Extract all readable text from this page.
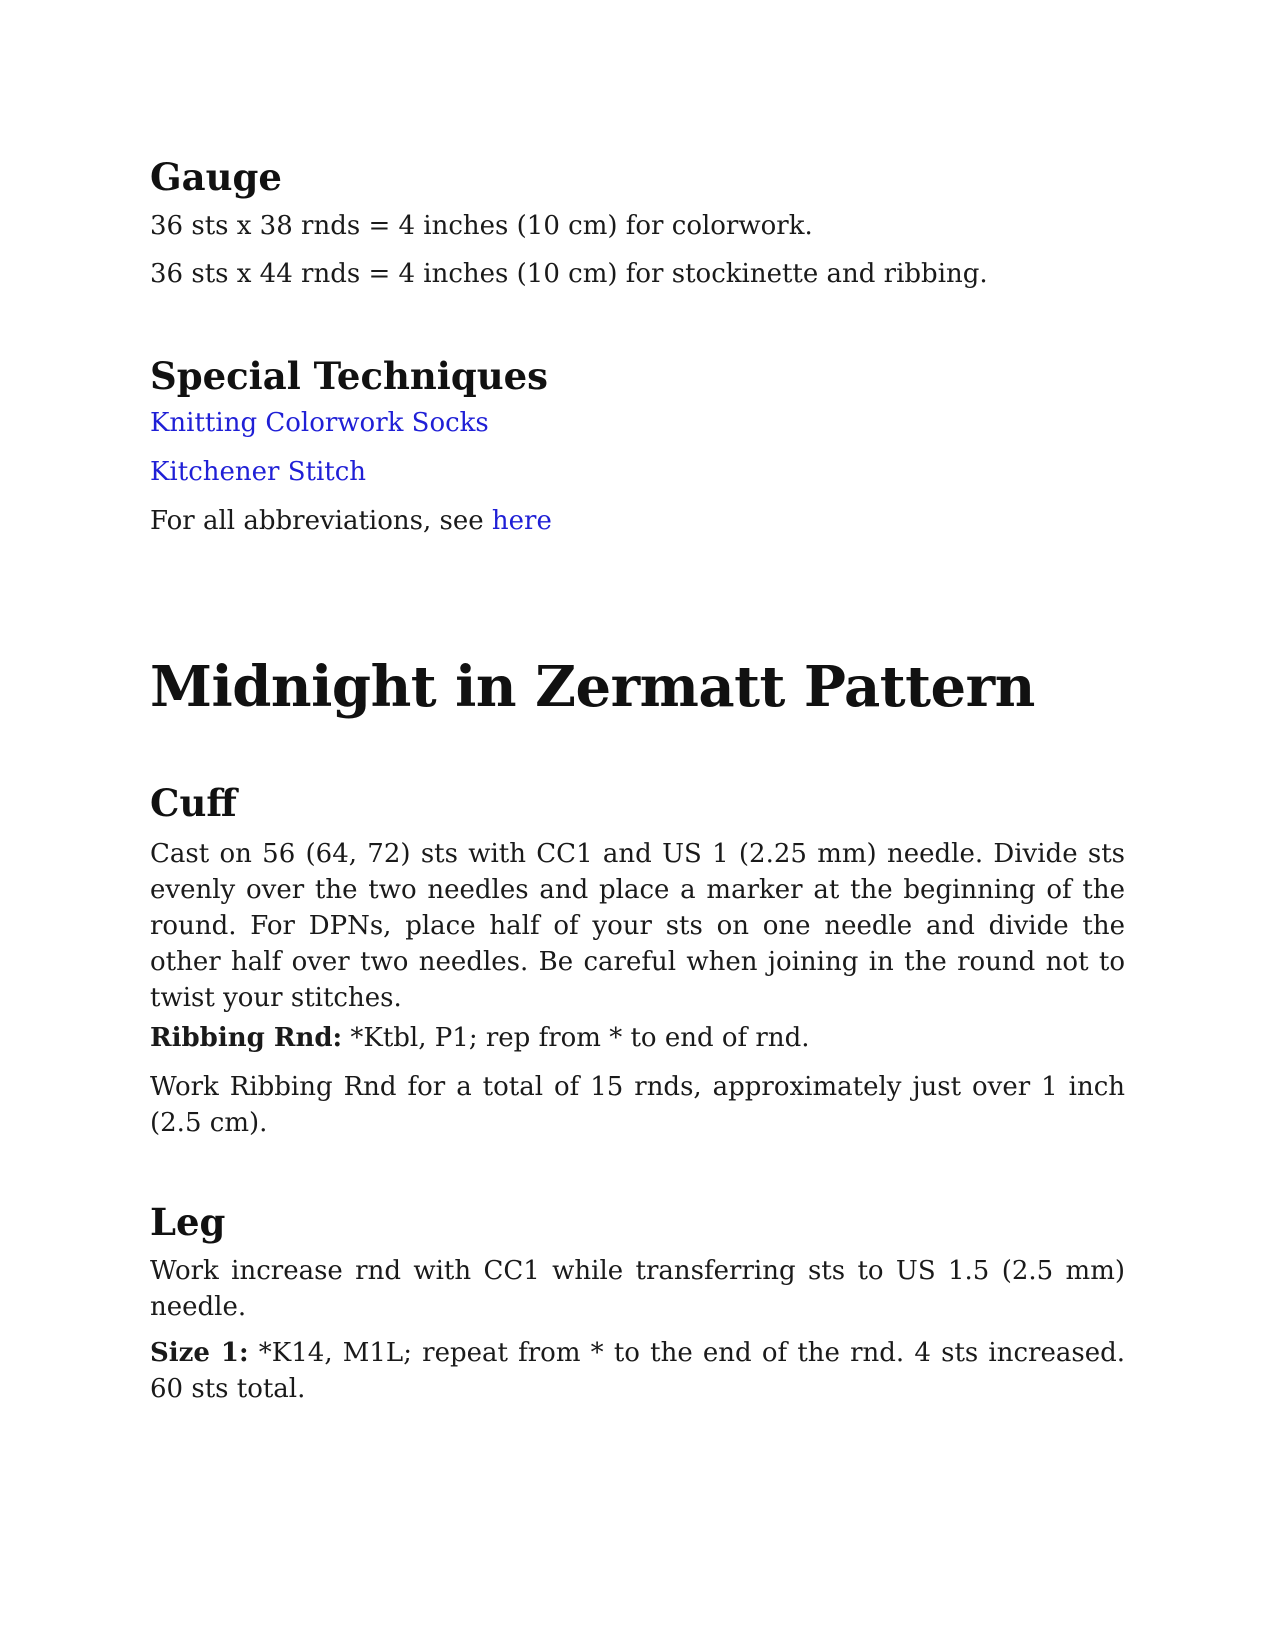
Gauge

36 sts x 38 rnds = 4 inches (10 cm) for colorwork.

36 sts x 44 rnds = 4 inches (10 cm) for stockinette and ribbing.

Special Techniques

Knitting Colorwork Socks

Kitchener Stitch

For all abbreviations, see here

Midnight in Zermatt Pattern
Cuff

Cast on 56 (64, 72) sts with CC1 and US 1 (2.25 mm) needle. Divide sts evenly over the two needles and place a marker at the beginning of the round. For DPNs, place half of your sts on one needle and divide the other half over two needles. Be careful when joining in the round not to twist your stitches.

Ribbing Rnd: *Ktbl, P1; rep from * to end of rnd.

Work Ribbing Rnd for a total of 15 rnds, approximately just over 1 inch (2.5 cm).

Leg

Work increase rnd with CC1 while transferring sts to US 1.5 (2.5 mm) needle.

Size 1: *K14, M1L; repeat from * to the end of the rnd. 4 sts increased. 60 sts total.
